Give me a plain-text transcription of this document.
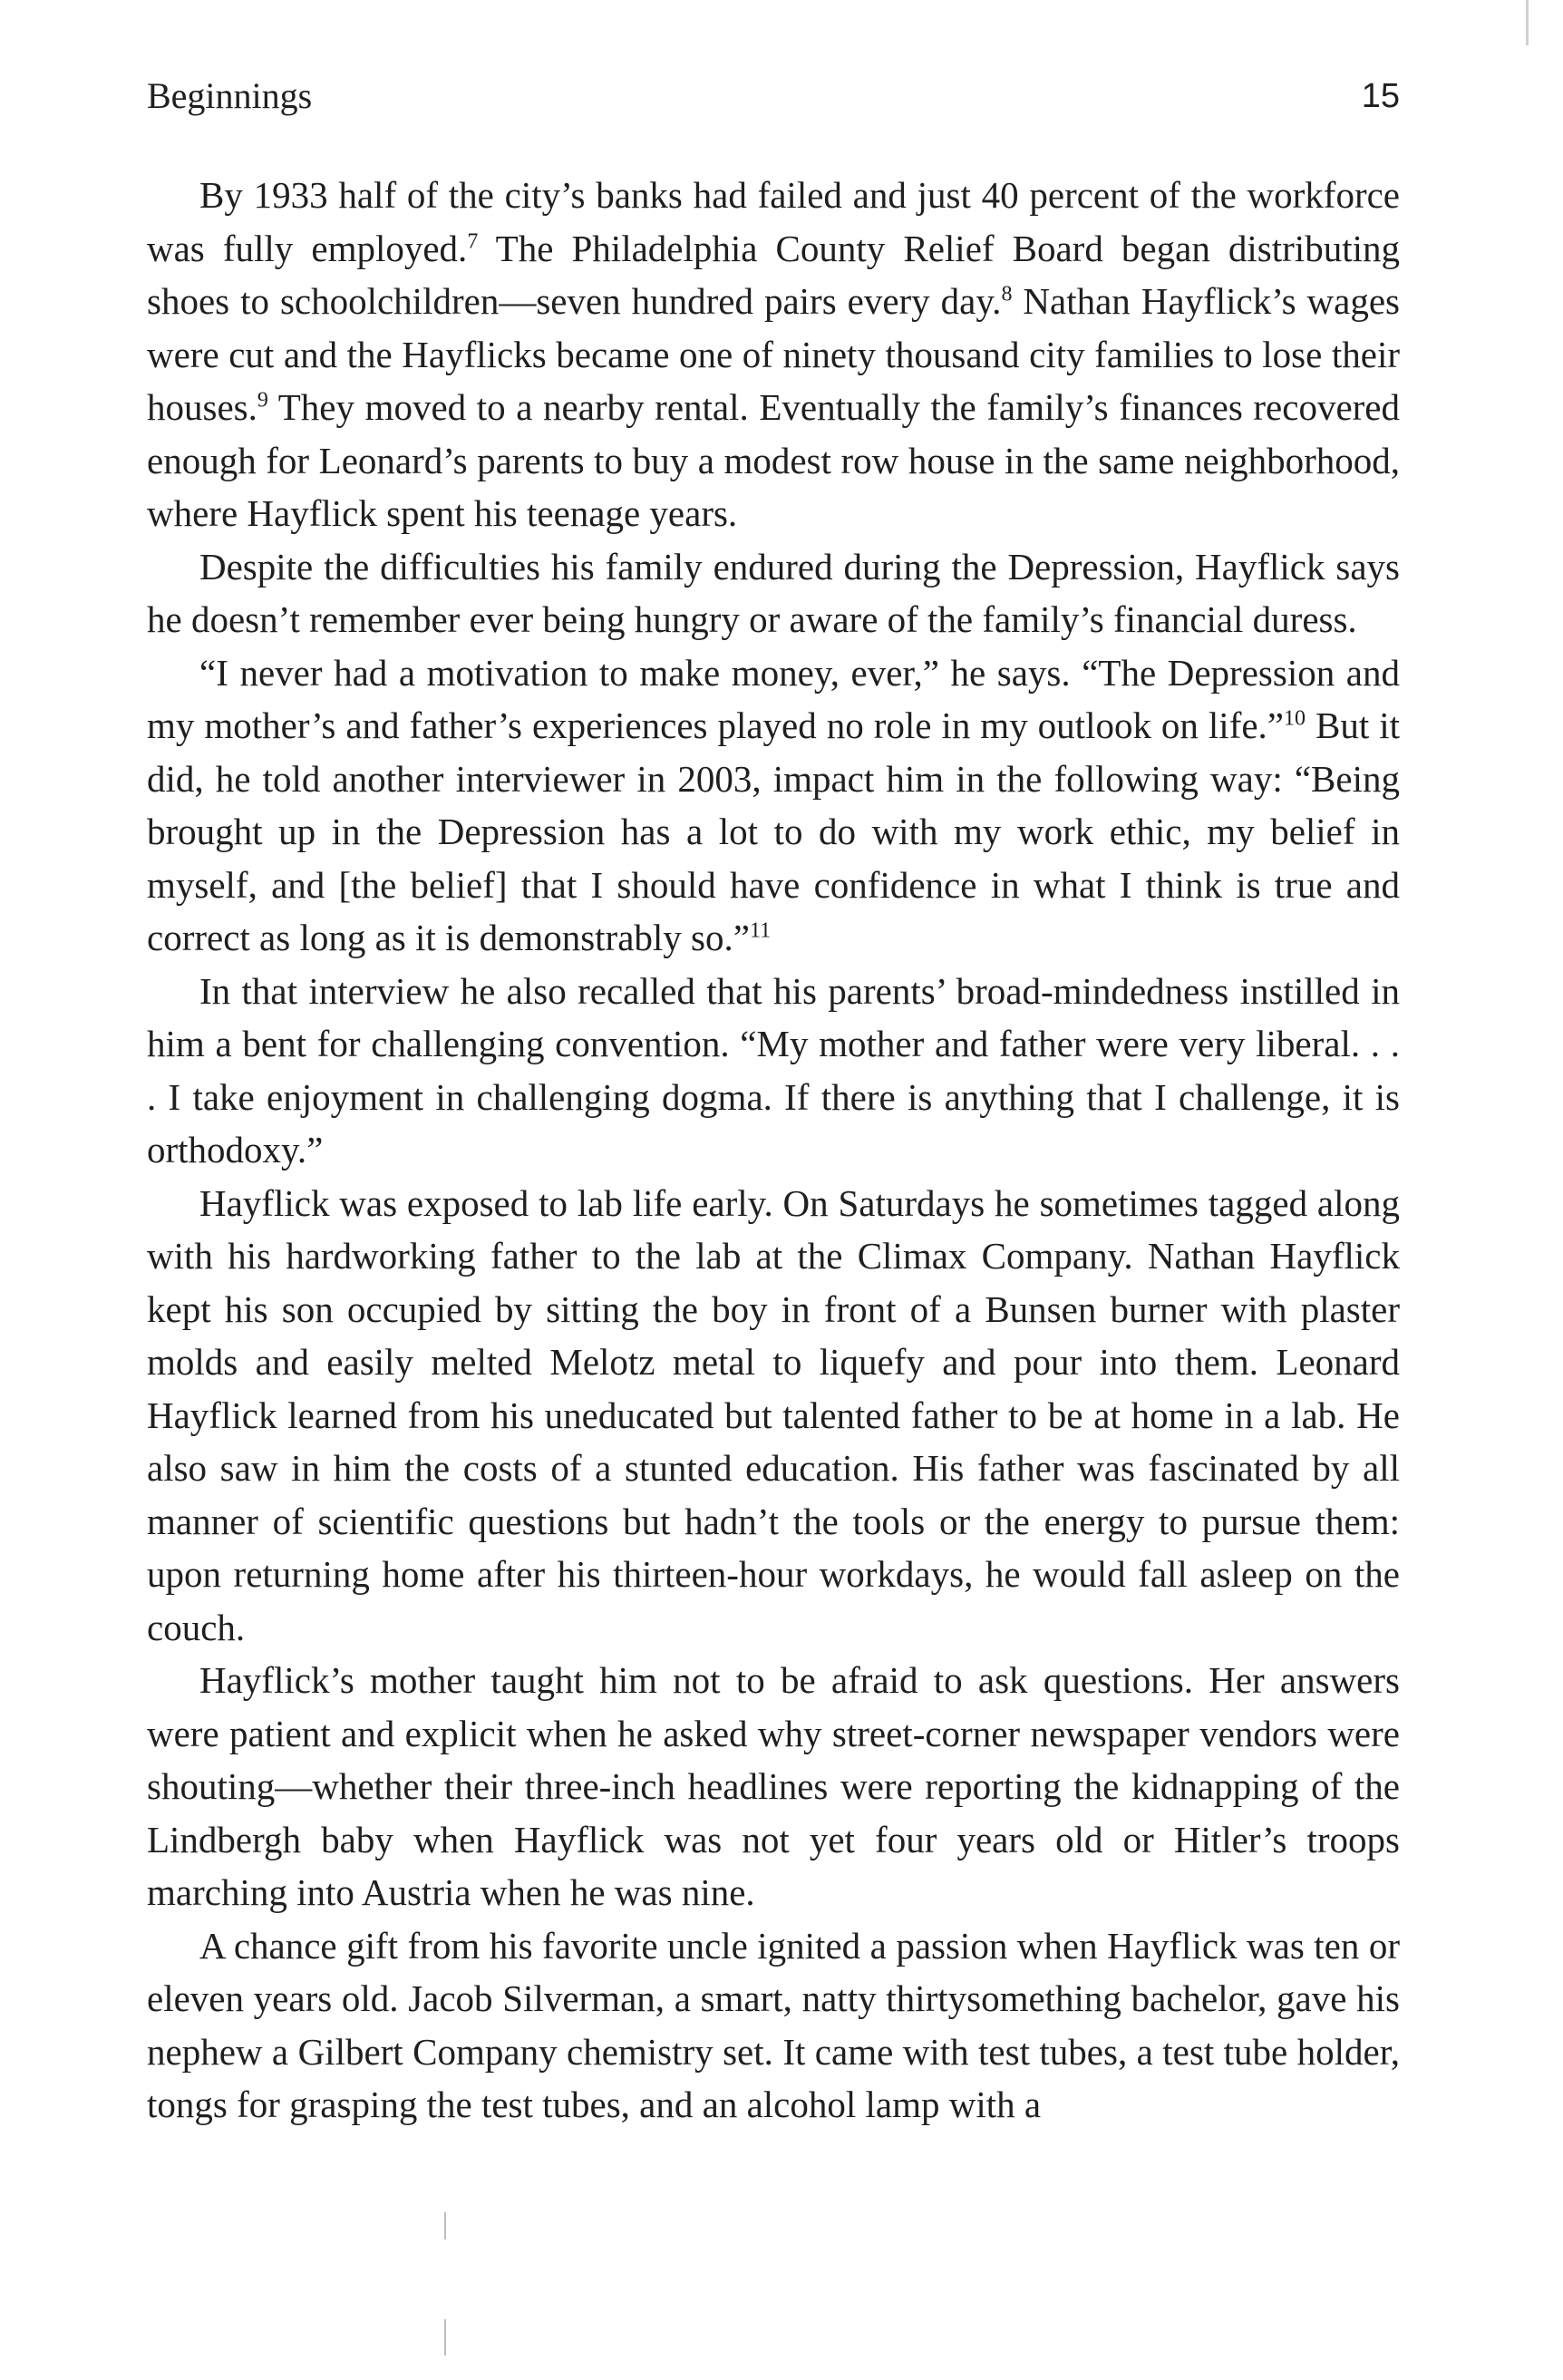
Beginnings	15

By 1933 half of the city’s banks had failed and just 40 percent of the workforce was fully employed.$^7$ The Philadelphia County Relief Board began distributing shoes to schoolchildren—seven hundred pairs every day.$^8$ Nathan Hayflick’s wages were cut and the Hayflicks became one of ninety thousand city families to lose their houses.$^9$ They moved to a nearby rental. Eventually the family’s finances recovered enough for Leonard’s parents to buy a modest row house in the same neighborhood, where Hayflick spent his teenage years.

Despite the difficulties his family endured during the Depression, Hayflick says he doesn’t remember ever being hungry or aware of the family’s financial duress.

“I never had a motivation to make money, ever,” he says. “The Depression and my mother’s and father’s experiences played no role in my outlook on life.”$^{10}$ But it did, he told another interviewer in 2003, impact him in the following way: “Being brought up in the Depression has a lot to do with my work ethic, my belief in myself, and [the belief] that I should have confidence in what I think is true and correct as long as it is demonstrably so.”$^{11}$

In that interview he also recalled that his parents’ broad-mindedness instilled in him a bent for challenging convention. “My mother and father were very liberal. . . . I take enjoyment in challenging dogma. If there is anything that I challenge, it is orthodoxy.”

Hayflick was exposed to lab life early. On Saturdays he sometimes tagged along with his hardworking father to the lab at the Climax Company. Nathan Hayflick kept his son occupied by sitting the boy in front of a Bunsen burner with plaster molds and easily melted Melotz metal to liquefy and pour into them. Leonard Hayflick learned from his uneducated but talented father to be at home in a lab. He also saw in him the costs of a stunted education. His father was fascinated by all manner of scientific questions but hadn’t the tools or the energy to pursue them: upon returning home after his thirteen-hour workdays, he would fall asleep on the couch.

Hayflick’s mother taught him not to be afraid to ask questions. Her answers were patient and explicit when he asked why street-corner newspaper vendors were shouting—whether their three-inch headlines were reporting the kidnapping of the Lindbergh baby when Hayflick was not yet four years old or Hitler’s troops marching into Austria when he was nine.

A chance gift from his favorite uncle ignited a passion when Hayflick was ten or eleven years old. Jacob Silverman, a smart, natty thirtysomething bachelor, gave his nephew a Gilbert Company chemistry set. It came with test tubes, a test tube holder, tongs for grasping the test tubes, and an alcohol lamp with a
